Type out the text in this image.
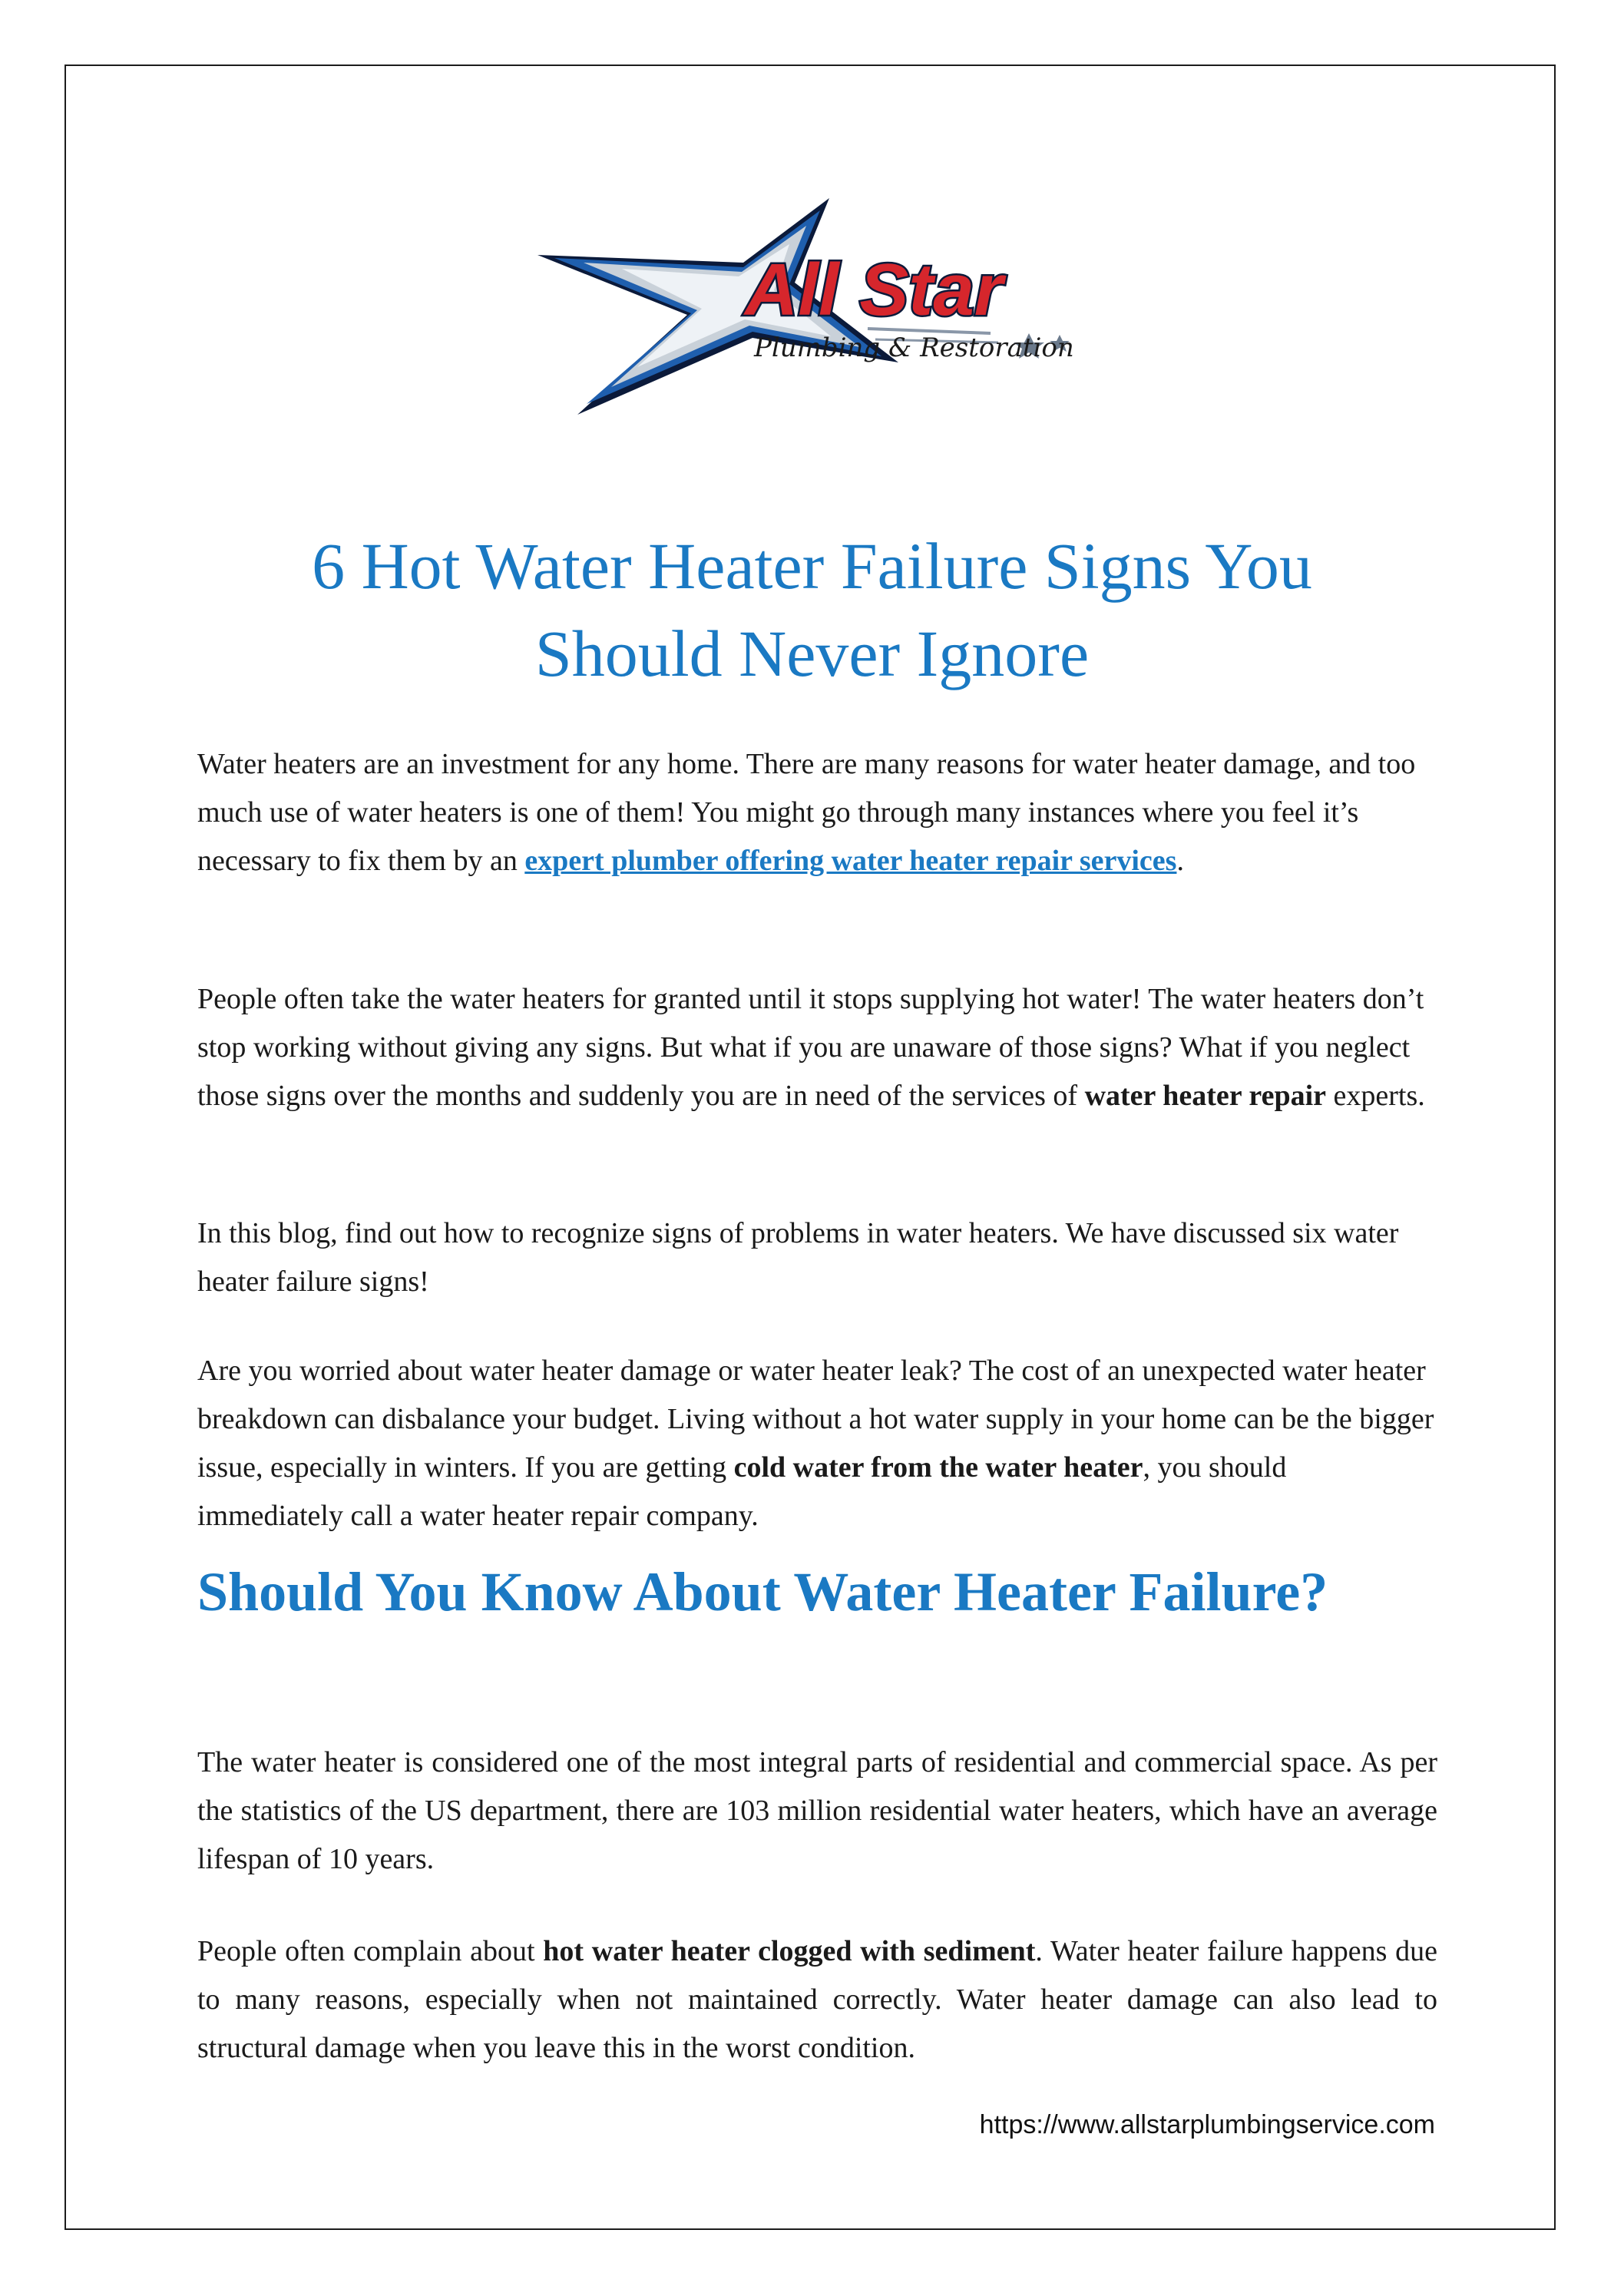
All Star
Plumbing & Restoration
6 Hot Water Heater Failure Signs You
Should Never Ignore

Water heaters are an investment for any home. There are many reasons for water heater damage, and too much use of water heaters is one of them! You might go through many instances where you feel it’s necessary to fix them by an expert plumber offering water heater repair services.

People often take the water heaters for granted until it stops supplying hot water! The water heaters don’t stop working without giving any signs. But what if you are unaware of those signs? What if you neglect those signs over the months and suddenly you are in need of the services of water heater repair experts.

In this blog, find out how to recognize signs of problems in water heaters. We have discussed six water heater failure signs!

Are you worried about water heater damage or water heater leak? The cost of an unexpected water heater breakdown can disbalance your budget. Living without a hot water supply in your home can be the bigger issue, especially in winters. If you are getting cold water from the water heater, you should immediately call a water heater repair company.

Should You Know About Water Heater Failure?

The water heater is considered one of the most integral parts of residential and commercial space. As per the statistics of the US department, there are 103 million residential water heaters, which have an average lifespan of 10 years.

People often complain about hot water heater clogged with sediment. Water heater failure happens due to many reasons, especially when not maintained correctly. Water heater damage can also lead to structural damage when you leave this in the worst condition.

https://www.allstarplumbingservice.com
